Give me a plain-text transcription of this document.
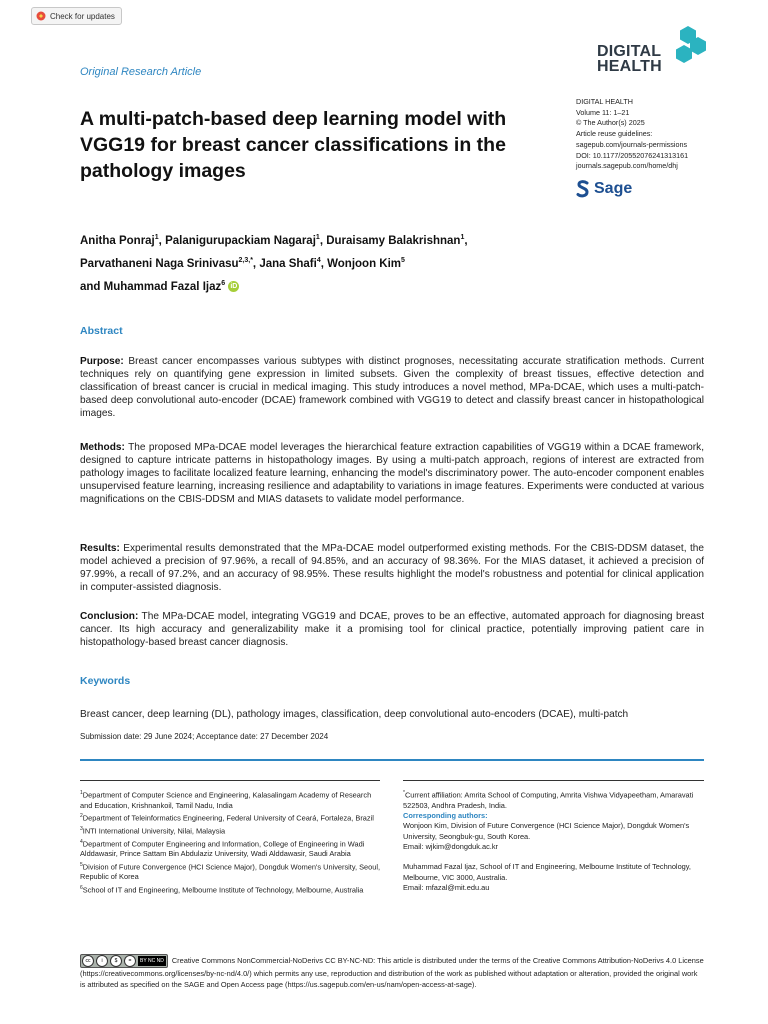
Check for updates
Original Research Article
DIGITAL
HEALTH
DIGITAL HEALTH
Volume 11: 1–21
© The Author(s) 2025
Article reuse guidelines:
sagepub.com/journals-permissions
DOI: 10.1177/20552076241313161
journals.sagepub.com/home/dhj
Sage
A multi-patch-based deep learning model with VGG19 for breast cancer classifications in the pathology images
Anitha Ponraj$^1$, Palanigurupackiam Nagaraj$^1$, Duraisamy Balakrishnan$^1$,
Parvathaneni Naga Srinivasu$^{2,3,*}$, Jana Shafi$^4$, Wonjoon Kim$^5$
and Muhammad Fazal Ijaz$^6$ iD
Abstract
Purpose: Breast cancer encompasses various subtypes with distinct prognoses, necessitating accurate stratification methods. Current techniques rely on quantifying gene expression in limited subsets. Given the complexity of breast tissues, effective detection and classification of breast cancer is crucial in medical imaging. This study introduces a novel method, MPa-DCAE, which uses a multi-patch-based deep convolutional auto-encoder (DCAE) framework combined with VGG19 to detect and classify breast cancer in histopathological images.
Methods: The proposed MPa-DCAE model leverages the hierarchical feature extraction capabilities of VGG19 within a DCAE framework, designed to capture intricate patterns in histopathology images. By using a multi-patch approach, regions of interest are extracted from pathology images to facilitate localized feature learning, enhancing the model's discriminatory power. The auto-encoder component enables unsupervised feature learning, increasing resilience and adaptability to variations in image features. Experiments were conducted at various magnifications on the CBIS-DDSM and MIAS datasets to validate model performance.
Results: Experimental results demonstrated that the MPa-DCAE model outperformed existing methods. For the CBIS-DDSM dataset, the model achieved a precision of 97.96%, a recall of 94.85%, and an accuracy of 98.36%. For the MIAS dataset, it achieved a precision of 97.99%, a recall of 97.2%, and an accuracy of 98.95%. These results highlight the model's robustness and potential for clinical application in computer-assisted diagnosis.
Conclusion: The MPa-DCAE model, integrating VGG19 and DCAE, proves to be an effective, automated approach for diagnosing breast cancer. Its high accuracy and generalizability make it a promising tool for clinical practice, potentially improving patient care in histopathology-based breast cancer diagnosis.
Keywords
Breast cancer, deep learning (DL), pathology images, classification, deep convolutional auto-encoders (DCAE), multi-patch
Submission date: 29 June 2024; Acceptance date: 27 December 2024
$^1$Department of Computer Science and Engineering, Kalasalingam Academy of Research and Education, Krishnankoil, Tamil Nadu, India
$^2$Department of Teleinformatics Engineering, Federal University of Ceará, Fortaleza, Brazil
$^3$INTI International University, Nilai, Malaysia
$^4$Department of Computer Engineering and Information, College of Engineering in Wadi Alddawasir, Prince Sattam Bin Abdulaziz University, Wadi Alddawasir, Saudi Arabia
$^5$Division of Future Convergence (HCI Science Major), Dongduk Women's University, Seoul, Republic of Korea
$^6$School of IT and Engineering, Melbourne Institute of Technology, Melbourne, Australia
*Current affiliation: Amrita School of Computing, Amrita Vishwa Vidyapeetham, Amaravati 522503, Andhra Pradesh, India.
Corresponding authors:
Wonjoon Kim, Division of Future Convergence (HCI Science Major), Dongduk Women's University, Seongbuk-gu, South Korea.
Email: wjkim@dongduk.ac.kr
Muhammad Fazal Ijaz, School of IT and Engineering, Melbourne Institute of Technology, Melbourne, VIC 3000, Australia.
Email: mfazal@mit.edu.au
cc	i	$	=	BY NC ND Creative Commons NonCommercial-NoDerivs CC BY-NC-ND: This article is distributed under the terms of the Creative Commons Attribution-NoDerivs 4.0 License (https://creativecommons.org/licenses/by-nc-nd/4.0/) which permits any use, reproduction and distribution of the work as published without adaptation or alteration, provided the original work is attributed as specified on the SAGE and Open Access page (https://us.sagepub.com/en-us/nam/open-access-at-sage).
